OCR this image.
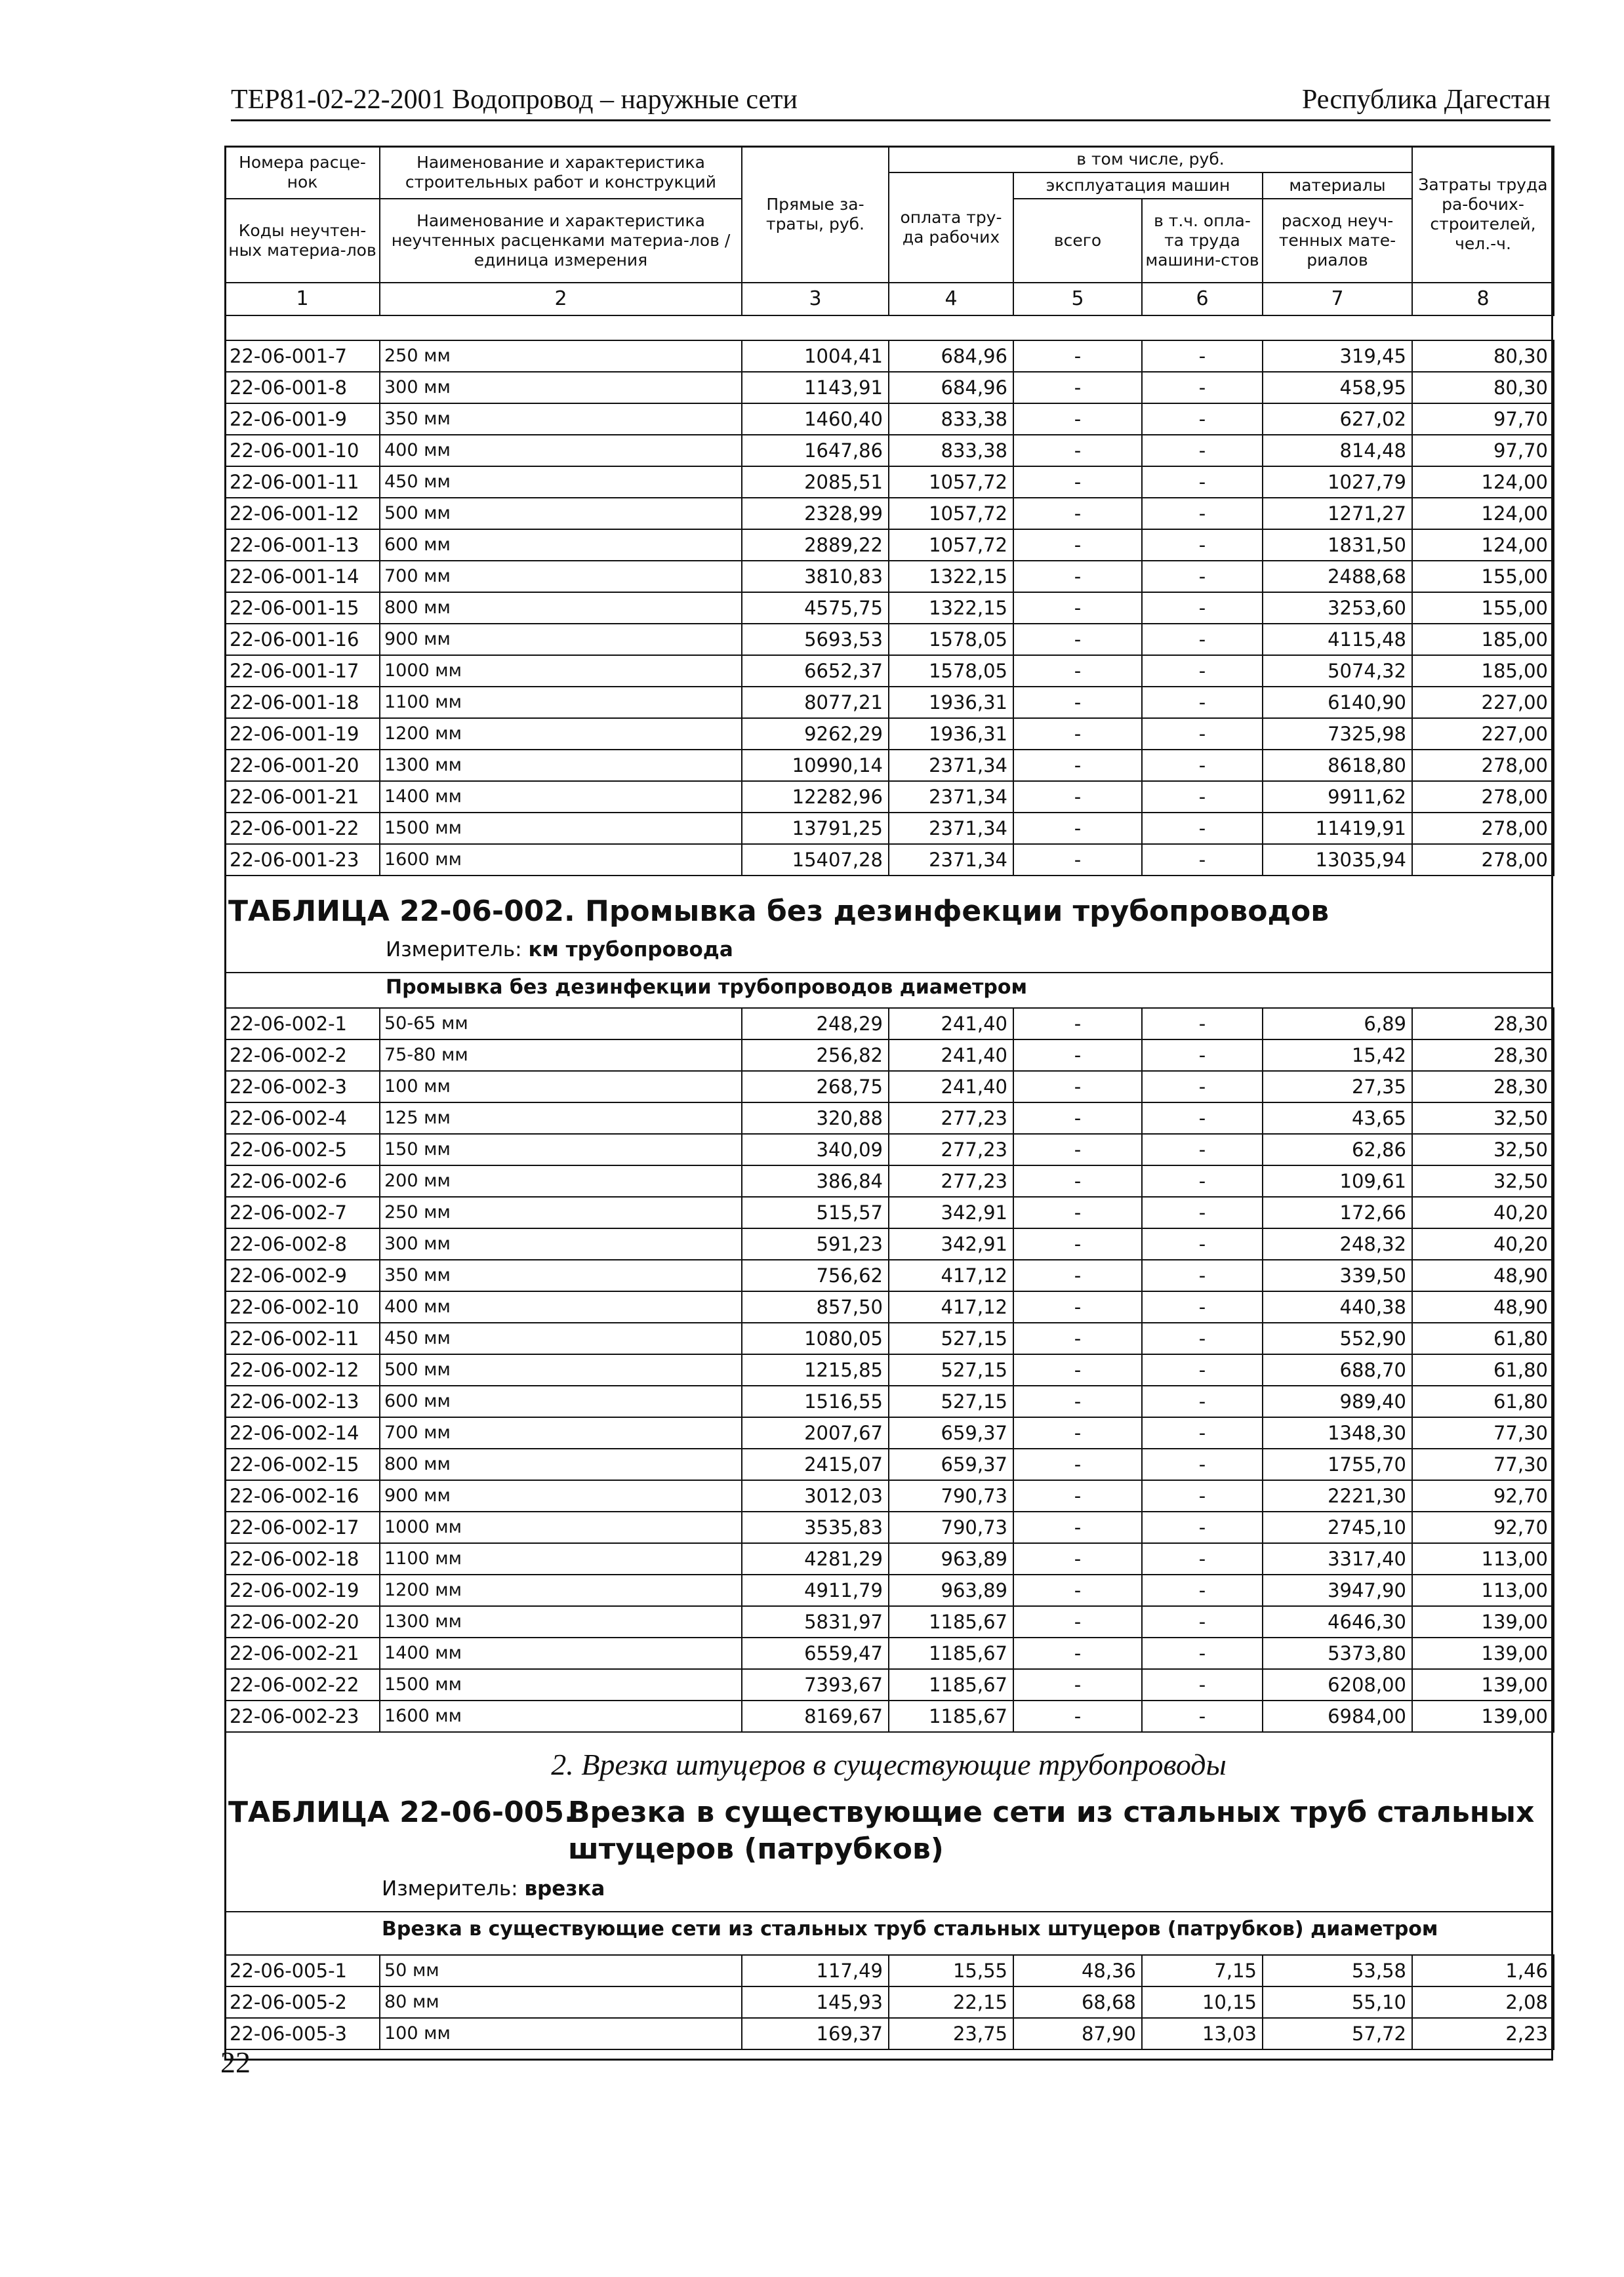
ТЕР81-02-22-2001 Водопровод – наружные сети	Республика Дагестан
Номера расце-нок	Наименование и характеристика строительных работ и конструкций	Прямые за-траты, руб.	в том числе, руб.				Затраты труда ра-бочих-строителей, чел.-ч.
			оплата тру-да рабочих	эксплуатация машин		материалы	
Коды неучтен-ных материа-лов	Наименование и характеристика неучтенных расценками материа-лов / единица измерения			всего	в т.ч. опла-та труда машини-стов	расход неуч-тенных мате-риалов	

1	2	3	4	5	6	7	8
22-06-001-7	250 мм	1004,41	684,96	-	-	319,45	80,30
22-06-001-8	300 мм	1143,91	684,96	-	-	458,95	80,30
22-06-001-9	350 мм	1460,40	833,38	-	-	627,02	97,70
22-06-001-10	400 мм	1647,86	833,38	-	-	814,48	97,70
22-06-001-11	450 мм	2085,51	1057,72	-	-	1027,79	124,00
22-06-001-12	500 мм	2328,99	1057,72	-	-	1271,27	124,00
22-06-001-13	600 мм	2889,22	1057,72	-	-	1831,50	124,00
22-06-001-14	700 мм	3810,83	1322,15	-	-	2488,68	155,00
22-06-001-15	800 мм	4575,75	1322,15	-	-	3253,60	155,00
22-06-001-16	900 мм	5693,53	1578,05	-	-	4115,48	185,00
22-06-001-17	1000 мм	6652,37	1578,05	-	-	5074,32	185,00
22-06-001-18	1100 мм	8077,21	1936,31	-	-	6140,90	227,00
22-06-001-19	1200 мм	9262,29	1936,31	-	-	7325,98	227,00
22-06-001-20	1300 мм	10990,14	2371,34	-	-	8618,80	278,00
22-06-001-21	1400 мм	12282,96	2371,34	-	-	9911,62	278,00
22-06-001-22	1500 мм	13791,25	2371,34	-	-	11419,91	278,00
22-06-001-23	1600 мм	15407,28	2371,34	-	-	13035,94	278,00
ТАБЛИЦА 22-06-002. Промывка без дезинфекции трубопроводов
Измеритель: км трубопровода
Промывка без дезинфекции трубопроводов диаметром
22-06-002-1	50-65 мм	248,29	241,40	-	-	6,89	28,30
22-06-002-2	75-80 мм	256,82	241,40	-	-	15,42	28,30
22-06-002-3	100 мм	268,75	241,40	-	-	27,35	28,30
22-06-002-4	125 мм	320,88	277,23	-	-	43,65	32,50
22-06-002-5	150 мм	340,09	277,23	-	-	62,86	32,50
22-06-002-6	200 мм	386,84	277,23	-	-	109,61	32,50
22-06-002-7	250 мм	515,57	342,91	-	-	172,66	40,20
22-06-002-8	300 мм	591,23	342,91	-	-	248,32	40,20
22-06-002-9	350 мм	756,62	417,12	-	-	339,50	48,90
22-06-002-10	400 мм	857,50	417,12	-	-	440,38	48,90
22-06-002-11	450 мм	1080,05	527,15	-	-	552,90	61,80
22-06-002-12	500 мм	1215,85	527,15	-	-	688,70	61,80
22-06-002-13	600 мм	1516,55	527,15	-	-	989,40	61,80
22-06-002-14	700 мм	2007,67	659,37	-	-	1348,30	77,30
22-06-002-15	800 мм	2415,07	659,37	-	-	1755,70	77,30
22-06-002-16	900 мм	3012,03	790,73	-	-	2221,30	92,70
22-06-002-17	1000 мм	3535,83	790,73	-	-	2745,10	92,70
22-06-002-18	1100 мм	4281,29	963,89	-	-	3317,40	113,00
22-06-002-19	1200 мм	4911,79	963,89	-	-	3947,90	113,00
22-06-002-20	1300 мм	5831,97	1185,67	-	-	4646,30	139,00
22-06-002-21	1400 мм	6559,47	1185,67	-	-	5373,80	139,00
22-06-002-22	1500 мм	7393,67	1185,67	-	-	6208,00	139,00
22-06-002-23	1600 мм	8169,67	1185,67	-	-	6984,00	139,00
2. Врезка штуцеров в существующие трубопроводы
ТАБЛИЦА 22-06-005.
Врезка в существующие сети из стальных труб стальных
штуцеров (патрубков)
Измеритель: врезка
Врезка в существующие сети из стальных труб стальных штуцеров (патрубков) диаметром
22-06-005-1	50 мм	117,49	15,55	48,36	7,15	53,58	1,46
22-06-005-2	80 мм	145,93	22,15	68,68	10,15	55,10	2,08
22-06-005-3	100 мм	169,37	23,75	87,90	13,03	57,72	2,23
22
